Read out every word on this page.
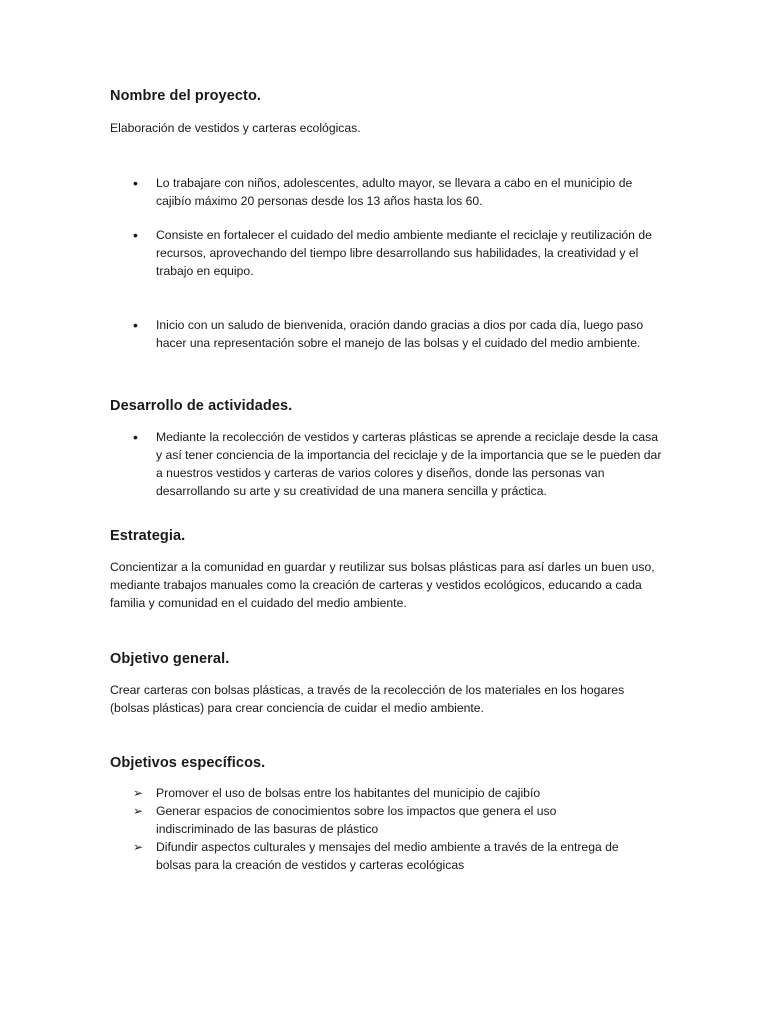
Nombre del proyecto.
Elaboración de vestidos y carteras ecológicas.
• Lo trabajare con niños, adolescentes, adulto mayor, se llevara a cabo en el municipio de cajibío máximo 20 personas desde los 13 años hasta los 60.
• Consiste en fortalecer el cuidado del medio ambiente mediante el reciclaje y reutilización de recursos, aprovechando del tiempo libre desarrollando sus habilidades, la creatividad y el trabajo en equipo.
• Inicio con un saludo de bienvenida, oración dando gracias a dios por cada día, luego paso hacer una representación sobre el manejo de las bolsas y el cuidado del medio ambiente.
Desarrollo de actividades.
• Mediante la recolección de vestidos y carteras plásticas se aprende a reciclaje desde la casa y así tener conciencia de la importancia del reciclaje y de la importancia que se le pueden dar a nuestros vestidos y carteras de varios colores y diseños, donde las personas van desarrollando su arte y su creatividad de una manera sencilla y práctica.
Estrategia.
Concientizar a la comunidad en guardar y reutilizar sus bolsas plásticas para así darles un buen uso, mediante trabajos manuales como la creación de carteras y vestidos ecológicos, educando a cada familia y comunidad en el cuidado del medio ambiente.
Objetivo general.
Crear carteras con bolsas plásticas, a través de la recolección de los materiales en los hogares (bolsas plásticas) para crear conciencia de cuidar el medio ambiente.
Objetivos específicos.
➢ Promover el uso de bolsas entre los habitantes del municipio de cajibío
➢ Generar espacios de conocimientos sobre los impactos que genera el uso indiscriminado de las basuras de plástico
➢ Difundir aspectos culturales y mensajes del medio ambiente a través de la entrega de bolsas para la creación de vestidos y carteras ecológicas
